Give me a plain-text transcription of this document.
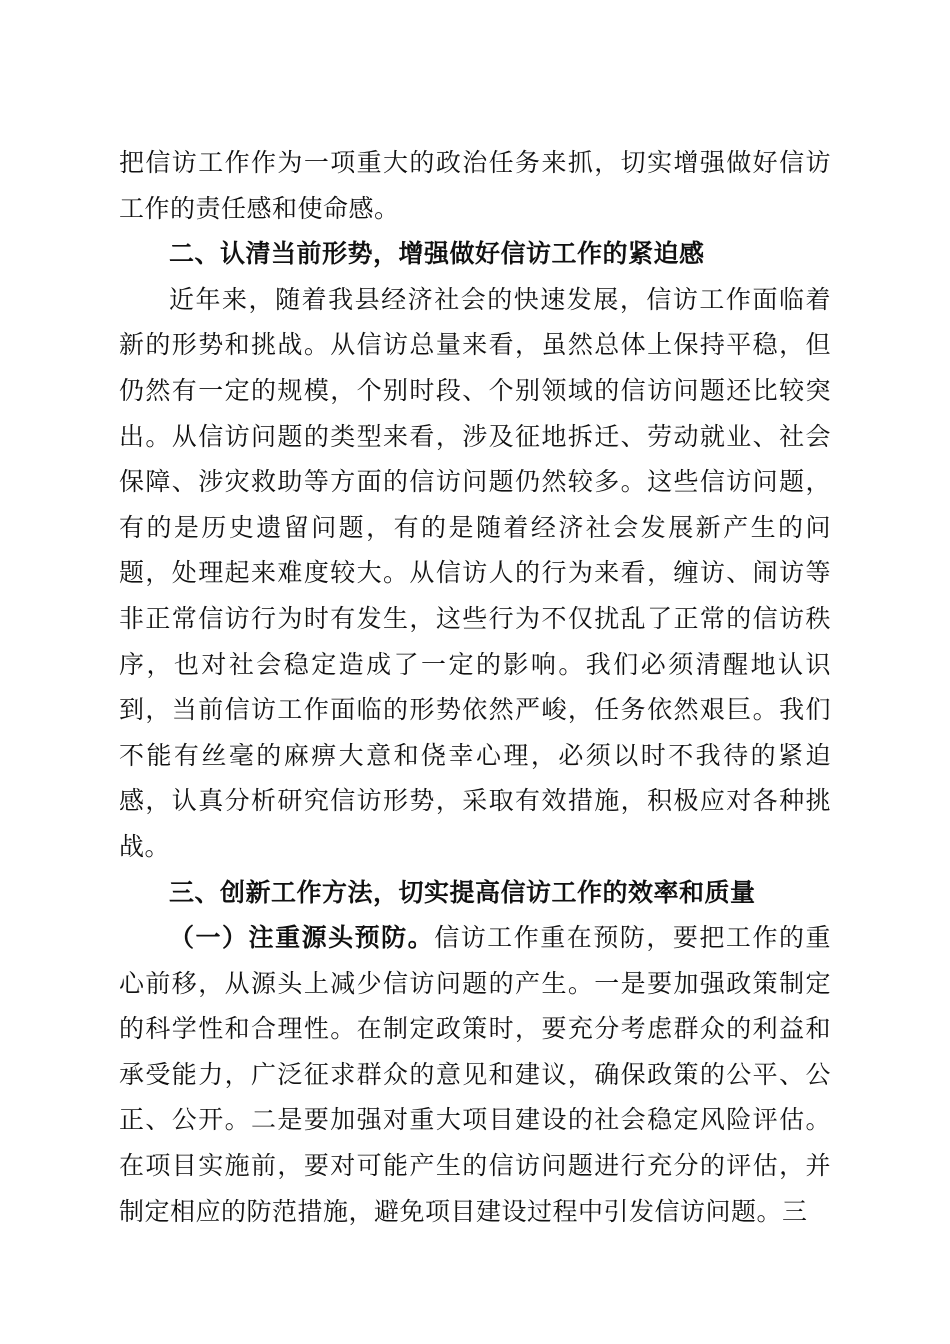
把信访工作作为一项重大的政治任务来抓，切实增强做好信访工作的责任感和使命感。

二、认清当前形势，增强做好信访工作的紧迫感

近年来，随着我县经济社会的快速发展，信访工作面临着新的形势和挑战。从信访总量来看，虽然总体上保持平稳，但仍然有一定的规模，个别时段、个别领域的信访问题还比较突出。从信访问题的类型来看，涉及征地拆迁、劳动就业、社会保障、涉灾救助等方面的信访问题仍然较多。这些信访问题，有的是历史遗留问题，有的是随着经济社会发展新产生的问题，处理起来难度较大。从信访人的行为来看，缠访、闹访等非正常信访行为时有发生，这些行为不仅扰乱了正常的信访秩序，也对社会稳定造成了一定的影响。我们必须清醒地认识到，当前信访工作面临的形势依然严峻，任务依然艰巨。我们不能有丝毫的麻痹大意和侥幸心理，必须以时不我待的紧迫感，认真分析研究信访形势，采取有效措施，积极应对各种挑战。

三、创新工作方法，切实提高信访工作的效率和质量

（一）注重源头预防。信访工作重在预防，要把工作的重心前移，从源头上减少信访问题的产生。一是要加强政策制定的科学性和合理性。在制定政策时，要充分考虑群众的利益和承受能力，广泛征求群众的意见和建议，确保政策的公平、公正、公开。二是要加强对重大项目建设的社会稳定风险评估。在项目实施前，要对可能产生的信访问题进行充分的评估，并制定相应的防范措施，避免项目建设过程中引发信访问题。三
